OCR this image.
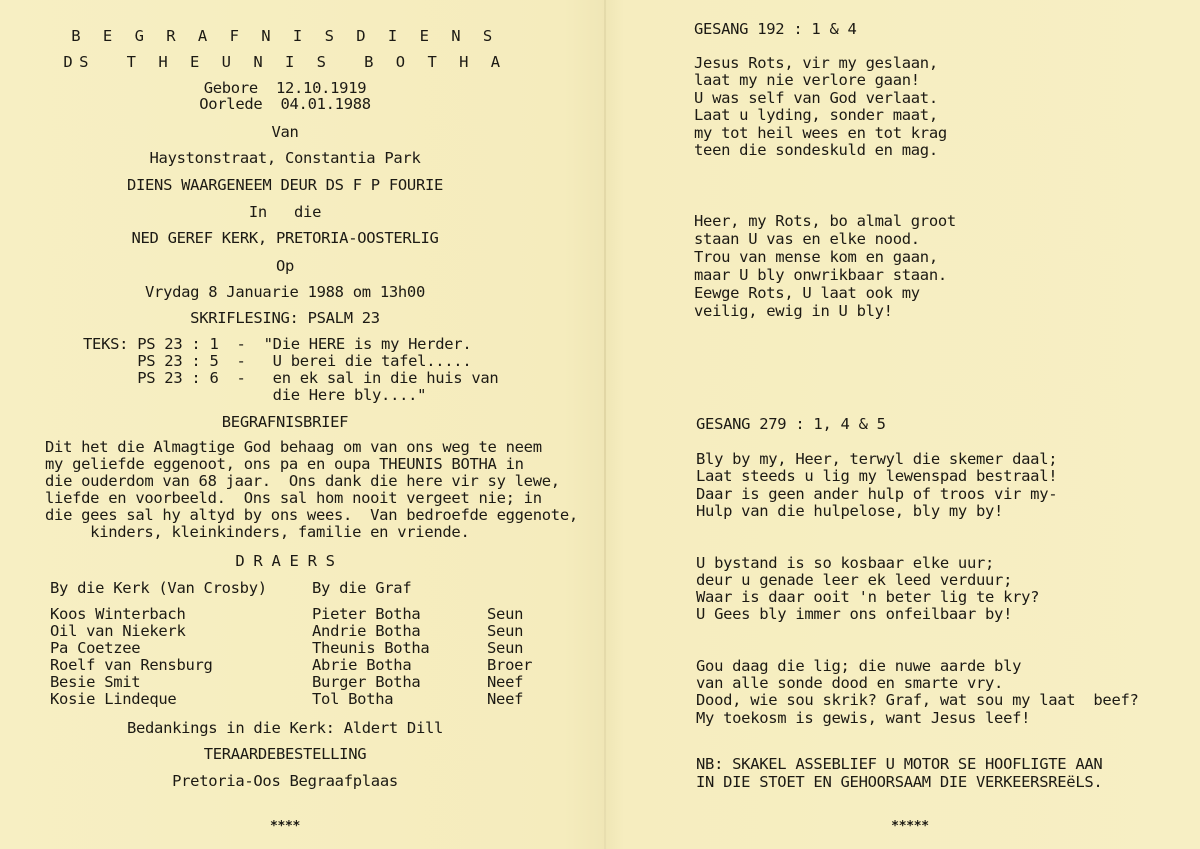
B E G R A F N I S D I E N S
DS  T H E U N I S  B O T H A
Gebore  12.10.1919
Oorlede  04.01.1988
Van
Haystonstraat, Constantia Park
DIENS WAARGENEEM DEUR DS F P FOURIE
In   die
NED GEREF KERK, PRETORIA-OOSTERLIG
Op
Vrydag 8 Januarie 1988 om 13h00
SKRIFLESING: PSALM 23
TEKS: PS 23 : 1  -  "Die HERE is my Herder.
PS 23 : 5  -   U berei die tafel.....
PS 23 : 6  -   en ek sal in die huis van
die Here bly...."
BEGRAFNISBRIEF
Dit het die Almagtige God behaag om van ons weg te neem
my geliefde eggenoot, ons pa en oupa THEUNIS BOTHA in
die ouderdom van 68 jaar.  Ons dank die here vir sy lewe,
liefde en voorbeeld.  Ons sal hom nooit vergeet nie; in
die gees sal hy altyd by ons wees.  Van bedroefde eggenote,
kinders, kleinkinders, familie en vriende.
D R A E R S
By die Kerk (Van Crosby)	By die Graf
Koos Winterbach
Oil van Niekerk
Pa Coetzee
Roelf van Rensburg
Besie Smit
Kosie Lindeque
Pieter Botha
Andrie Botha
Theunis Botha
Abrie Botha
Burger Botha
Tol Botha
Seun
Seun
Seun
Broer
Neef
Neef
Bedankings in die Kerk: Aldert Dill
TERAARDEBESTELLING
Pretoria-Oos Begraafplaas
****
GESANG 192 : 1 & 4
Jesus Rots, vir my geslaan,
laat my nie verlore gaan!
U was self van God verlaat.
Laat u lyding, sonder maat,
my tot heil wees en tot krag
teen die sondeskuld en mag.
Heer, my Rots, bo almal groot
staan U vas en elke nood.
Trou van mense kom en gaan,
maar U bly onwrikbaar staan.
Eewge Rots, U laat ook my
veilig, ewig in U bly!
GESANG 279 : 1, 4 & 5
Bly by my, Heer, terwyl die skemer daal;
Laat steeds u lig my lewenspad bestraal!
Daar is geen ander hulp of troos vir my-
Hulp van die hulpelose, bly my by!
U bystand is so kosbaar elke uur;
deur u genade leer ek leed verduur;
Waar is daar ooit 'n beter lig te kry?
U Gees bly immer ons onfeilbaar by!
Gou daag die lig; die nuwe aarde bly
van alle sonde dood en smarte vry.
Dood, wie sou skrik? Graf, wat sou my laat  beef?
My toekosm is gewis, want Jesus leef!
NB: SKAKEL ASSEBLIEF U MOTOR SE HOOFLIGTE AAN
IN DIE STOET EN GEHOORSAAM DIE VERKEERSREëLS.
*****
